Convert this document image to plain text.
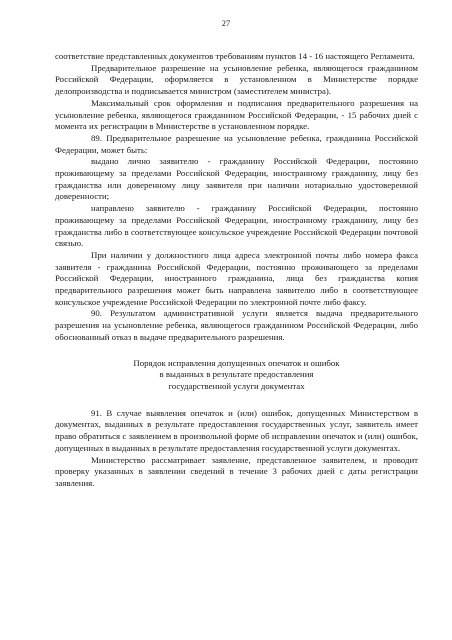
27

соответствие представленных документов требованиям пунктов 14 - 16 настоящего Регламента.

Предварительное разрешение на усыновление ребенка, являющегося гражданином Российской Федерации, оформляется в установленном в Министерстве порядке делопроизводства и подписывается министром (заместителем министра).

Максимальный срок оформления и подписания предварительного разрешения на усыновление ребенка, являющегося гражданином Российской Федерации, - 15 рабочих дней с момента их регистрации в Министерстве в установленном порядке.

89. Предварительное разрешение на усыновление ребенка, гражданина Российской Федерации, может быть:

выдано лично заявителю - гражданину Российской Федерации, постоянно проживающему за пределами Российской Федерации, иностранному гражданину, лицу без гражданства или доверенному лицу заявителя при наличии нотариально удостоверенной доверенности;

направлено заявителю - гражданину Российской Федерации, постоянно проживающему за пределами Российской Федерации, иностранному гражданину, лицу без гражданства либо в соответствующее консульское учреждение Российской Федерации почтовой связью.

При наличии у должностного лица адреса электронной почты либо номера факса заявителя - гражданина Российской Федерации, постоянно проживающего за пределами Российской Федерации, иностранного гражданина, лица без гражданства копия предварительного разрешения может быть направлена заявителю либо в соответствующее консульское учреждение Российской Федерации по электронной почте либо факсу.

90. Результатом административной услуги является выдача предварительного разрешения на усыновление ребенка, являющегося гражданином Российской Федерации, либо обоснованный отказ в выдаче предварительного разрешения.

Порядок исправления допущенных опечаток и ошибок
в выданных в результате предоставления
государственной услуги документах

91. В случае выявления опечаток и (или) ошибок, допущенных Министерством в документах, выданных в результате предоставления государственных услуг, заявитель имеет право обратиться с заявлением в произвольной форме об исправлении опечаток и (или) ошибок, допущенных в выданных в результате предоставления государственной услуги документах.

Министерство рассматривает заявление, представленное заявителем, и проводит проверку указанных в заявлении сведений в течение 3 рабочих дней с даты регистрации заявления.
